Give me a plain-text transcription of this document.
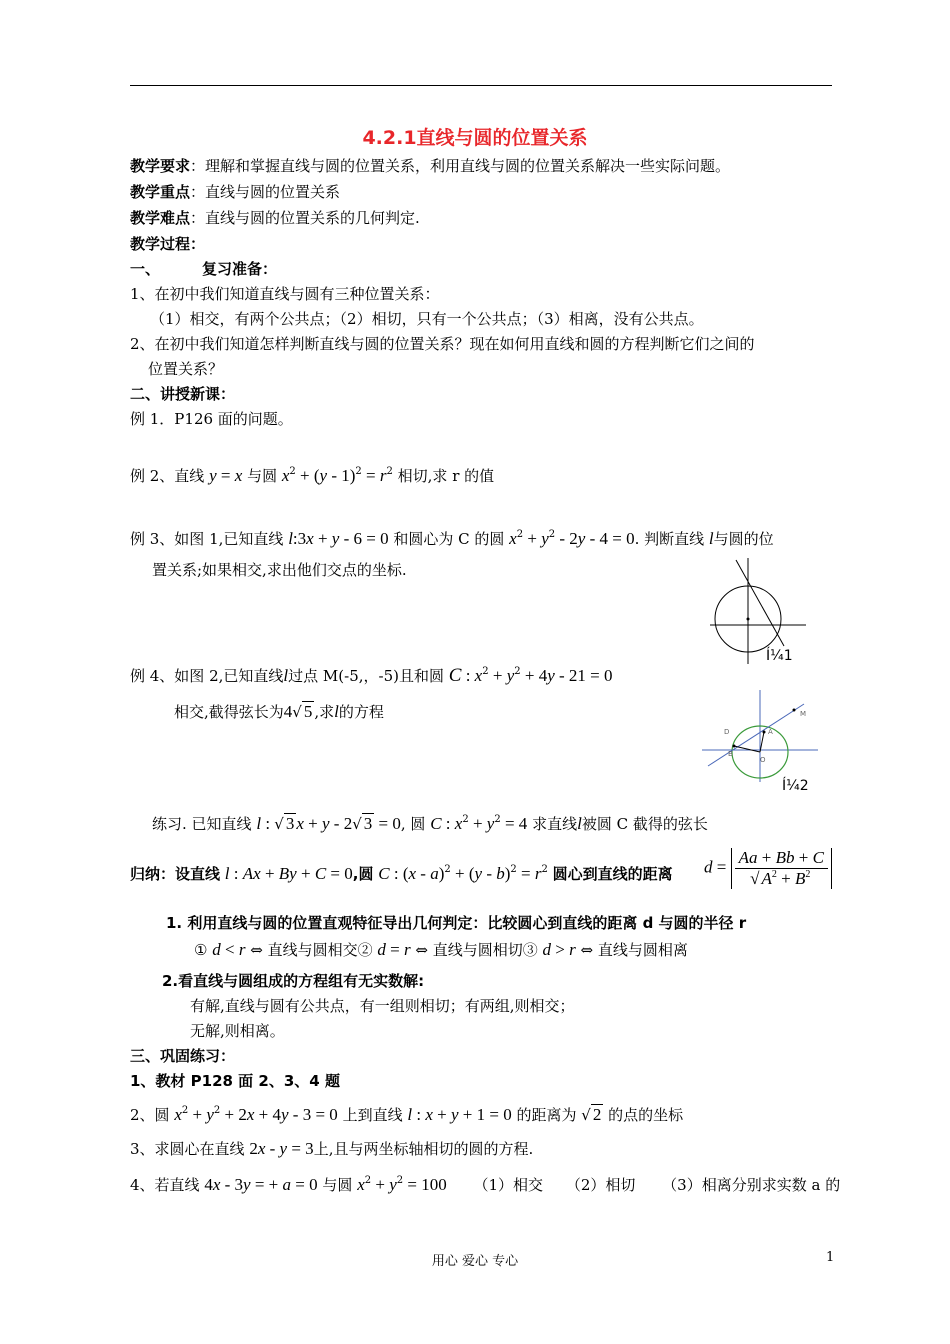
4.2.1直线与圆的位置关系
教学要求：理解和掌握直线与圆的位置关系，利用直线与圆的位置关系解决一些实际问题。
教学重点：直线与圆的位置关系
教学难点：直线与圆的位置关系的几何判定.
教学过程：
一、	复习准备：
1、在初中我们知道直线与圆有三种位置关系：
（1）相交，有两个公共点；（2）相切，只有一个公共点；（3）相离，没有公共点。
2、在初中我们知道怎样判断直线与圆的位置关系？现在如何用直线和圆的方程判断它们之间的
位置关系？
二、讲授新课：
例 1．P126 面的问题。
例 2、直线 y = x 与圆 $x^2 + (y - 1)^2 = r^2$ 相切,求 r 的值
例 3、如图 1,已知直线 l:3x + y - 6 = 0 和圆心为 C 的圆 $x^2 + y^2 - 2y - 4 = 0$. 判断直线 l与圆的位
置关系;如果相交,求出他们交点的坐标.
Í¼1
例 4、如图 2,已知直线l过点 M(-5,，-5)且和圆 C : $x^2 + y^2 + 4y - 21 = 0$
相交,截得弦长为4√ 5 ,求l的方程	M
D	A
B
O
Í¼2
练习. 已知直线 l : √ 3 x + y - 2√ 3 = 0, 圆 C : $x^2 + y^2 = 4$ 求直线l被圆 C 截得的弦长
归纳：设直线 l : Ax + By + C = 0,圆 C : $(x - a)^2 + (y - b)^2 = r^2$ 圆心到直线的距离 $d = \frac{Aa + Bb + C}{√ A^2 + B^2}$
1. 利用直线与圆的位置直观特征导出几何判定：比较圆心到直线的距离 d 与圆的半径 r
① d < r ⇔ 直线与圆相交② d = r ⇔ 直线与圆相切③ d > r ⇔ 直线与圆相离
2.看直线与圆组成的方程组有无实数解:
有解,直线与圆有公共点，有一组则相切；有两组,则相交；
无解,则相离。
三、巩固练习：
1、教材 P128 面 2、3、4 题
2、圆 $x^2 + y^2 + 2x + 4y - 3 = 0$ 上到直线 l : x + y + 1 = 0 的距离为 √ 2 的点的坐标
3、求圆心在直线 2x - y = 3上,且与两坐标轴相切的圆的方程.
4、若直线 4x - 3y = + a = 0 与圆 $x^2 + y^2 = 100$ （1）相交 （2）相切 （3）相离分别求实数 a 的
用心 爱心 专心	1
